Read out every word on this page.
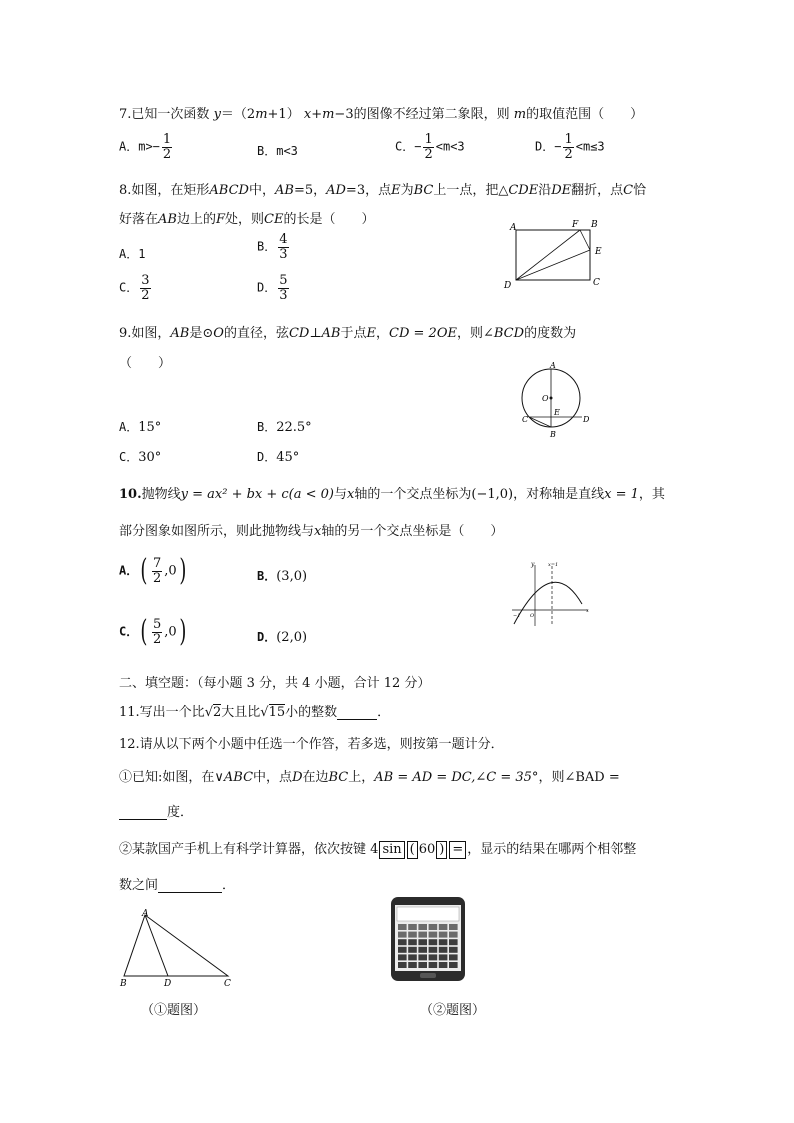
7.已知一次函数 y＝（2m+1） x+m−3的图像不经过第二象限，则 m的取值范围（　　）
A．$m>- \frac{1}{2}$	B．m<3	C．− $\frac{1}{2} <m<3$	D．− $\frac{1}{2} <m\le 3$
8.如图，在矩形ABCD中，AB=5，AD=3，点E为BC上一点，把△CDE沿DE翻折，点C恰
好落在AB边上的F处，则CE的长是（　　）
A．1
B． $\frac{4}{3}$
C． $\frac{3}{2}$	D． $\frac{5}{3}$
A	F B
E
D	C
9.如图，AB是⊙O的直径，弦CD⊥AB于点E，CD = 2OE，则∠BCD的度数为
（　　）	A
O
E
C	D
B
A．15°	B．22.5°
C．30°	D．45°
10.抛物线y = ax² + bx + c(a < 0)与x轴的一个交点坐标为(−1,0)，对称轴是直线x = 1，其
部分图象如图所示，则此抛物线与x轴的另一个交点坐标是（　　）
A．( $\frac{7}{2} ,0$)	B．(3,0)
C．( $\frac{5}{2} ,0$)	D．(2,0)
y	x=1
−1 O
x
二、填空题：（每小题 3 分，共 4 小题，合计 12 分）
11.写出一个比√2大且比√15小的整数	．
12.请从以下两个小题中任选一个作答，若多选，则按第一题计分．
①已知:如图，在∨ABC中，点D在边BC上，AB = AD = DC,∠C = 35°，则∠BAD =
度．
②某款国产手机上有科学计算器，依次按键 4 sin ( 60 ) = ，显示的结果在哪两个相邻整
数之间	．
A
B	D	C
（①题图）	（②题图）
